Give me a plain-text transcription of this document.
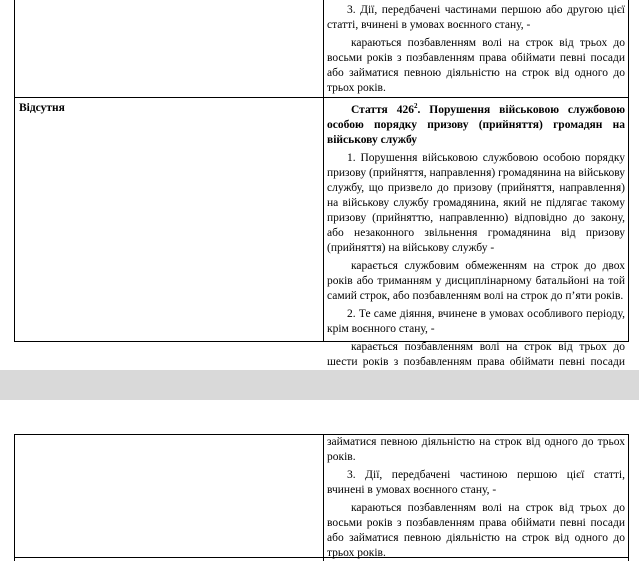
3. Дії, передбачені частинами першою або другою цієї статті, вчинені в умовах воєнного стану, -

караються позбавленням волі на строк від трьох до восьми років з позбавленням права обіймати певні посади або займатися певною діяльністю на строк від одного до трьох років.

Відсутня	Стаття $426^2$. Порушення військовою службовою особою порядку призову (прийняття) громадян на військову службу

1. Порушення військовою службовою особою порядку призову (прийняття, направлення) громадянина на військову службу, що призвело до призову (прийняття, направлення) на військову службу громадянина, який не підлягає такому призову (прийняттю, направленню) відповідно до закону, або незаконного звільнення громадянина від призову (прийняття) на військову службу -

карається службовим обмеженням на строк до двох років або триманням у дисциплінарному батальйоні на той самий строк, або позбавленням волі на строк до п’яти років.

2. Те саме діяння, вчинене в умовах особливого періоду, крім воєнного стану, -

карається позбавленням волі на строк від трьох до шести років з позбавленням права обіймати певні посади

займатися певною діяльністю на строк від одного до трьох років.

3. Дії, передбачені частиною першою цієї статті, вчинені в умовах воєнного стану, -

караються позбавленням волі на строк від трьох до восьми років з позбавленням права обіймати певні посади або займатися певною діяльністю на строк від одного до трьох років.
